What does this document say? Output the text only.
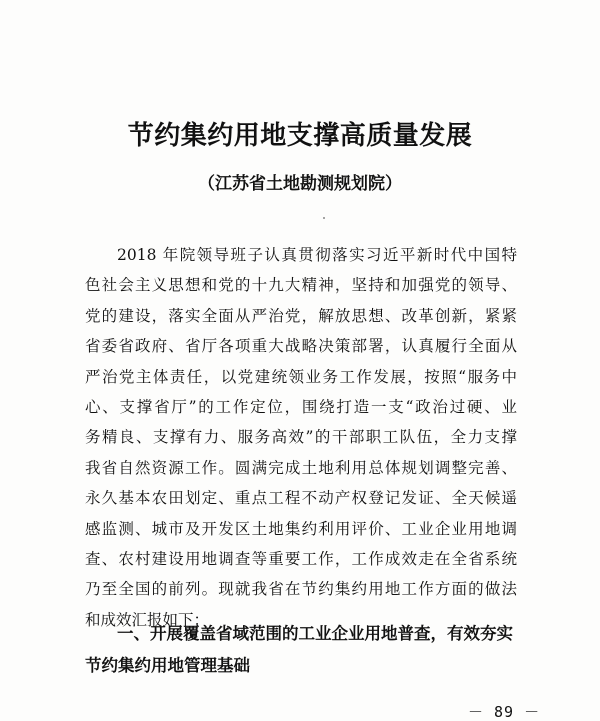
节约集约用地支撑高质量发展
（江苏省土地勘测规划院）
2018 年院领导班子认真贯彻落实习近平新时代中国特
色社会主义思想和党的十九大精神，坚持和加强党的领导、
党的建设，落实全面从严治党，解放思想、改革创新，紧紧
省委省政府、省厅各项重大战略决策部署，认真履行全面从
严治党主体责任，以党建统领业务工作发展，按照“服务中
心、支撑省厅”的工作定位，围绕打造一支“政治过硬、业
务精良、支撑有力、服务高效”的干部职工队伍，全力支撑
我省自然资源工作。圆满完成土地利用总体规划调整完善、
永久基本农田划定、重点工程不动产权登记发证、全天候遥
感监测、城市及开发区土地集约利用评价、工业企业用地调
查、农村建设用地调查等重要工作，工作成效走在全省系统
乃至全国的前列。现就我省在节约集约用地工作方面的做法
和成效汇报如下：
一、开展覆盖省域范围的工业企业用地普查，有效夯实
节约集约用地管理基础
－ 89 －
